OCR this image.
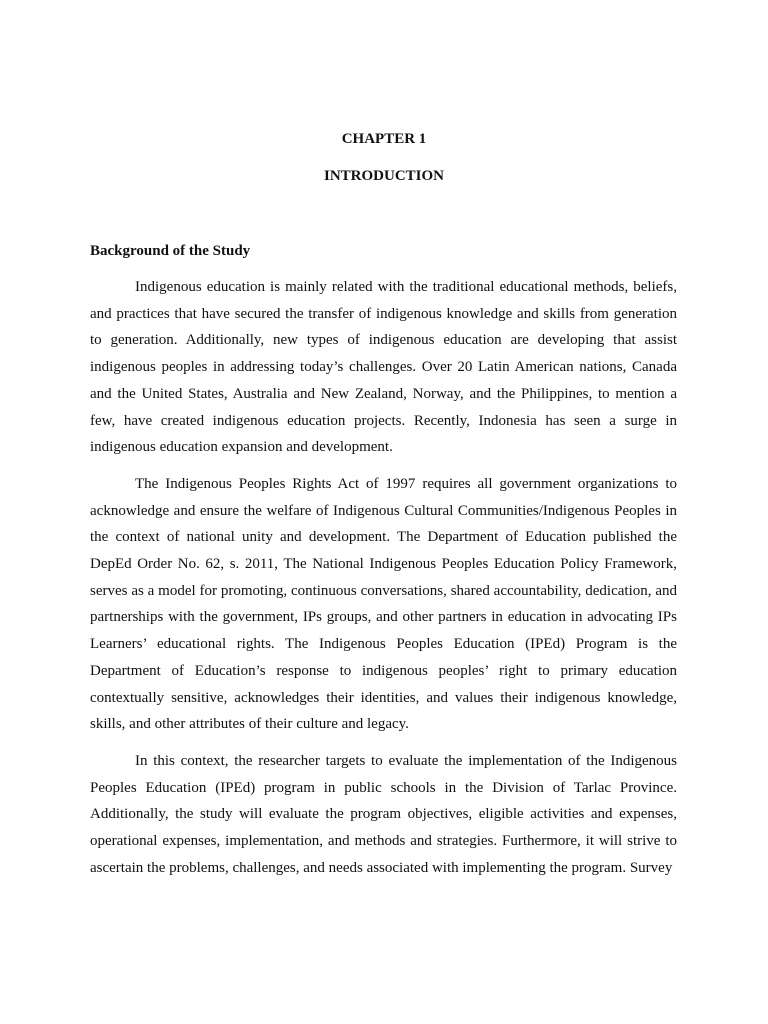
CHAPTER 1
INTRODUCTION
Background of the Study

Indigenous education is mainly related with the traditional educational methods, beliefs, and practices that have secured the transfer of indigenous knowledge and skills from generation to generation. Additionally, new types of indigenous education are developing that assist indigenous peoples in addressing today’s challenges. Over 20 Latin American nations, Canada and the United States, Australia and New Zealand, Norway, and the Philippines, to mention a few, have created indigenous education projects. Recently, Indonesia has seen a surge in indigenous education expansion and development.

The Indigenous Peoples Rights Act of 1997 requires all government organizations to acknowledge and ensure the welfare of Indigenous Cultural Communities/Indigenous Peoples in the context of national unity and development. The Department of Education published the DepEd Order No. 62, s. 2011, The National Indigenous Peoples Education Policy Framework, serves as a model for promoting, continuous conversations, shared accountability, dedication, and partnerships with the government, IPs groups, and other partners in education in advocating IPs Learners’ educational rights. The Indigenous Peoples Education (IPEd) Program is the Department of Education’s response to indigenous peoples’ right to primary education contextually sensitive, acknowledges their identities, and values their indigenous knowledge, skills, and other attributes of their culture and legacy.

In this context, the researcher targets to evaluate the implementation of the Indigenous Peoples Education (IPEd) program in public schools in the Division of Tarlac Province. Additionally, the study will evaluate the program objectives, eligible activities and expenses, operational expenses, implementation, and methods and strategies. Furthermore, it will strive to ascertain the problems, challenges, and needs associated with implementing the program. Survey
